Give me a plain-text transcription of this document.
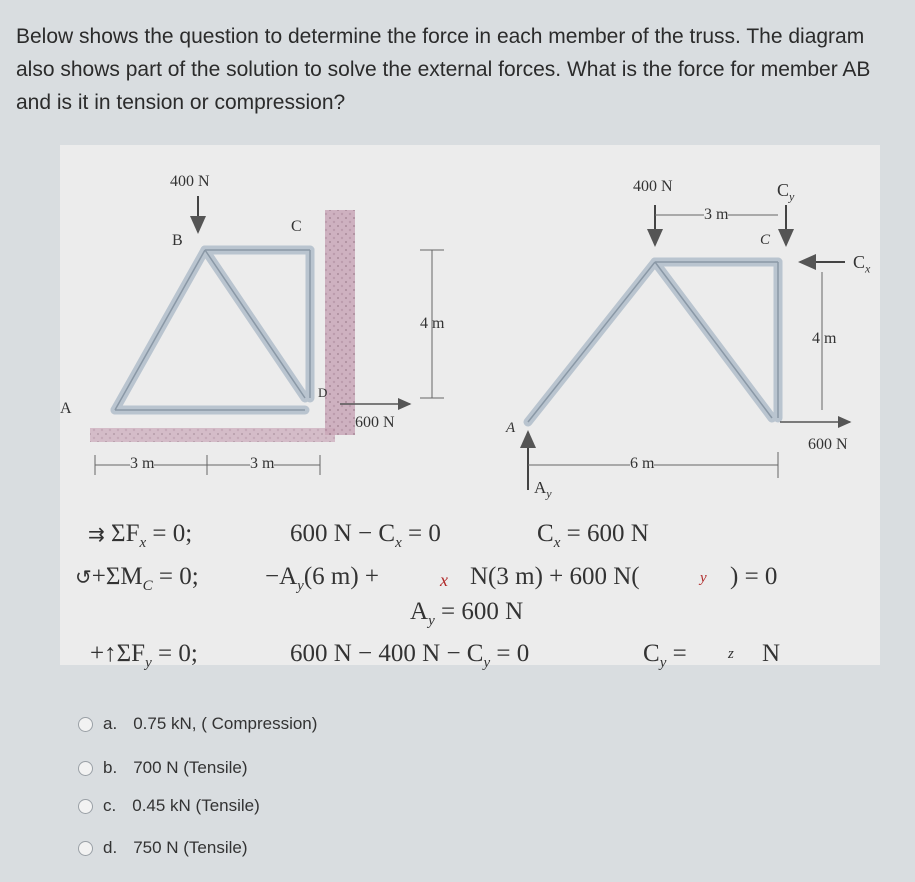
Below shows the question to determine the force in each member of the truss. The diagram also shows part of the solution to solve the external forces. What is the force for member AB and is it in tension or compression?
400 N
B
C
D
A
600 N
4 m
3 m	3 m
400 N
3 m
C
$C_y$
$C_x$
4 m
600 N
A
6 m
$A_y$
⇉ $\Sigma F_x = 0$;	600 $N - C_x = 0$	$C_x = 600$ N
$↺+\Sigma M_C = 0$;	$-A_y(6$ m) +	x N(3 m) + 600 N(	y ) = 0
$A_y = 600$ N
$+↑\Sigma F_y = 0$;	600 N − 400 $N - C_y = 0$	$C_y$ =	z N
a. 0.75 kN, ( Compression)
b. 700 N (Tensile)
c. 0.45 kN (Tensile)
d. 750 N (Tensile)
